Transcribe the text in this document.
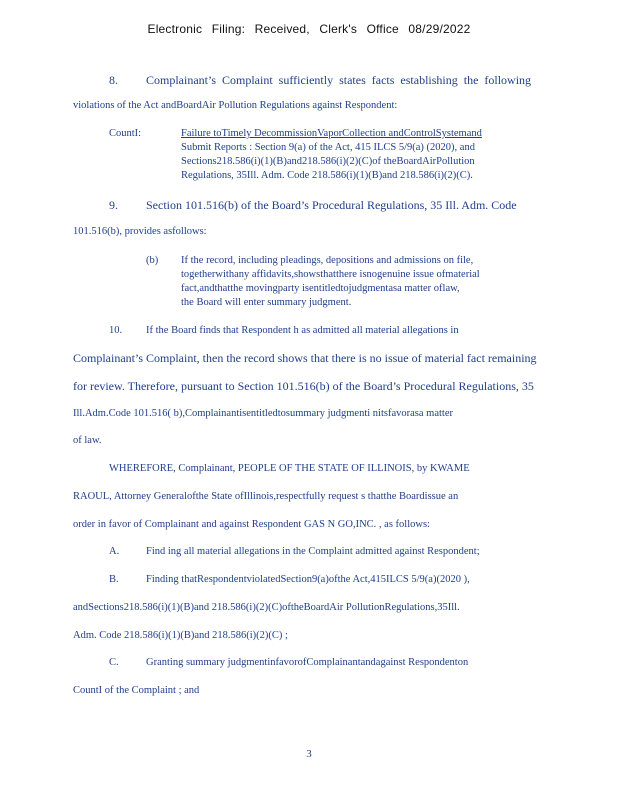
Electronic Filing: Received, Clerk's Office 08/29/2022
8. Complainant’s Complaint sufficiently states facts establishing the following
violations of the Act andBoardAir Pollution Regulations against Respondent:
CountI:	Failure toTimely DecommissionVaporCollection andControlSystemand
Submit Reports : Section 9(a) of the Act, 415 ILCS 5/9(a) (2020), and
Sections218.586(i)(1)(B)and218.586(i)(2)(C)of theBoardAirPollution
Regulations, 35Ill. Adm. Code 218.586(i)(1)(B)and 218.586(i)(2)(C).
9. Section 101.516(b) of the Board’s Procedural Regulations, 35 Ill. Adm. Code
101.516(b), provides asfollows:
(b) If the record, including pleadings, depositions and admissions on file,
togetherwithany affidavits,showsthatthere isnogenuine issue ofmaterial
fact,andthatthe movingparty isentitledtojudgmentasa matter oflaw,
the Board will enter summary judgment.
10. If the Board finds that Respondent h as admitted all material allegations in
Complainant’s Complaint, then the record shows that there is no issue of material fact remaining
for review. Therefore, pursuant to Section 101.516(b) of the Board’s Procedural Regulations, 35
Ill.Adm.Code 101.516( b),Complainantisentitledtosummary judgmenti nitsfavorasa matter
of law.
WHEREFORE, Complainant, PEOPLE OF THE STATE OF ILLINOIS, by KWAME
RAOUL, Attorney Generalofthe State ofIllinois,respectfully request s thatthe Boardissue an
order in favor of Complainant and against Respondent GAS N GO,INC. , as follows:
A.	Find ing all material allegations in the Complaint admitted against Respondent;
B.	Finding thatRespondentviolatedSection9(a)ofthe Act,415ILCS 5/9(a)(2020 ),
andSections218.586(i)(1)(B)and 218.586(i)(2)(C)oftheBoardAir PollutionRegulations,35Ill.
Adm. Code 218.586(i)(1)(B)and 218.586(i)(2)(C) ;
C.	Granting summary judgmentinfavorofComplainantandagainst Respondenton
CountI of the Complaint ; and
3
